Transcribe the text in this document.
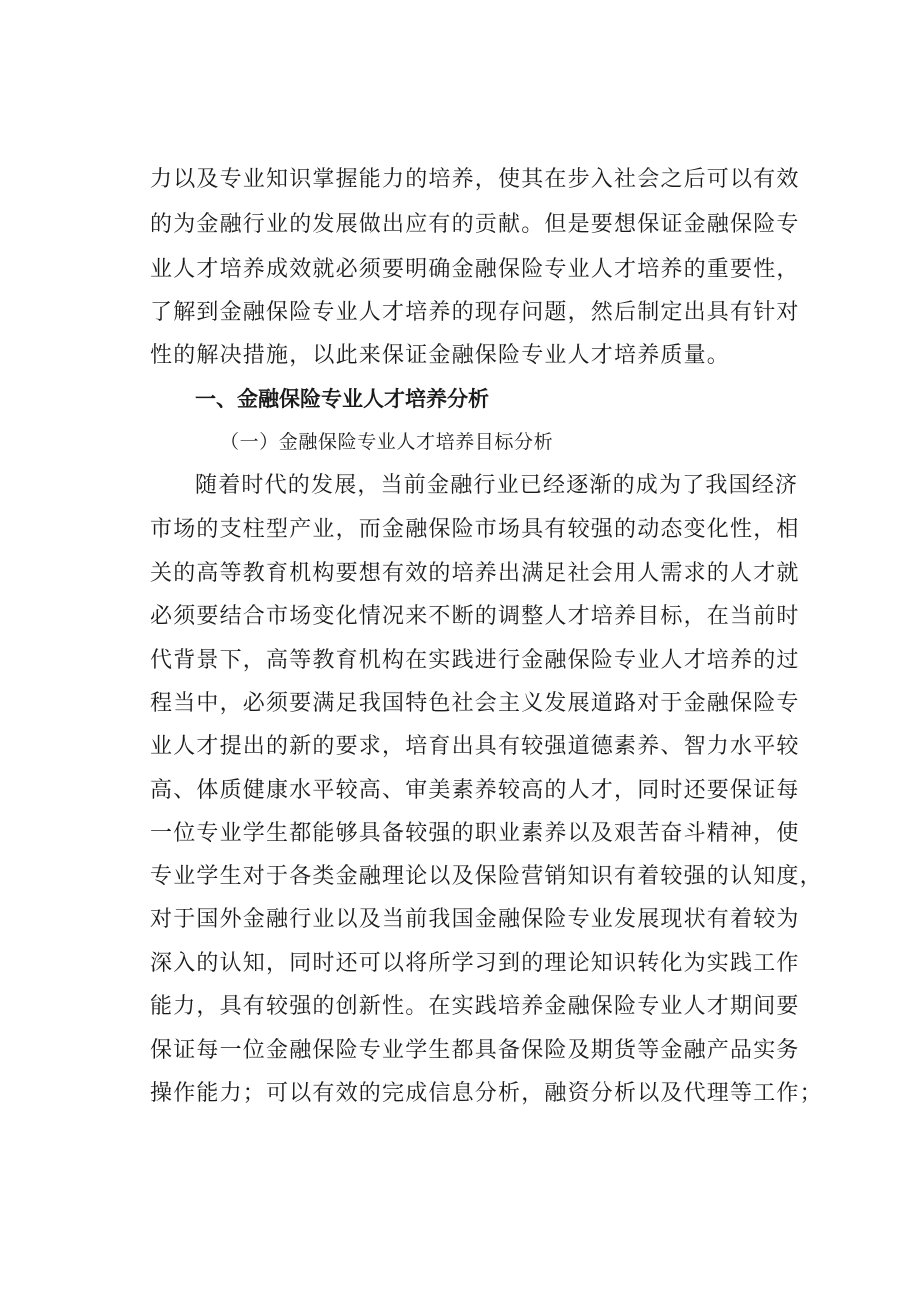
力以及专业知识掌握能力的培养，使其在步入社会之后可以有效
的为金融行业的发展做出应有的贡献。但是要想保证金融保险专
业人才培养成效就必须要明确金融保险专业人才培养的重要性，
了解到金融保险专业人才培养的现存问题，然后制定出具有针对
性的解决措施，以此来保证金融保险专业人才培养质量。
一、金融保险专业人才培养分析
（一）金融保险专业人才培养目标分析
随着时代的发展，当前金融行业已经逐渐的成为了我国经济
市场的支柱型产业，而金融保险市场具有较强的动态变化性，相
关的高等教育机构要想有效的培养出满足社会用人需求的人才就
必须要结合市场变化情况来不断的调整人才培养目标，在当前时
代背景下，高等教育机构在实践进行金融保险专业人才培养的过
程当中，必须要满足我国特色社会主义发展道路对于金融保险专
业人才提出的新的要求，培育出具有较强道德素养、智力水平较
高、体质健康水平较高、审美素养较高的人才，同时还要保证每
一位专业学生都能够具备较强的职业素养以及艰苦奋斗精神，使
专业学生对于各类金融理论以及保险营销知识有着较强的认知度，
对于国外金融行业以及当前我国金融保险专业发展现状有着较为
深入的认知，同时还可以将所学习到的理论知识转化为实践工作
能力，具有较强的创新性。在实践培养金融保险专业人才期间要
保证每一位金融保险专业学生都具备保险及期货等金融产品实务
操作能力；可以有效的完成信息分析，融资分析以及代理等工作；
